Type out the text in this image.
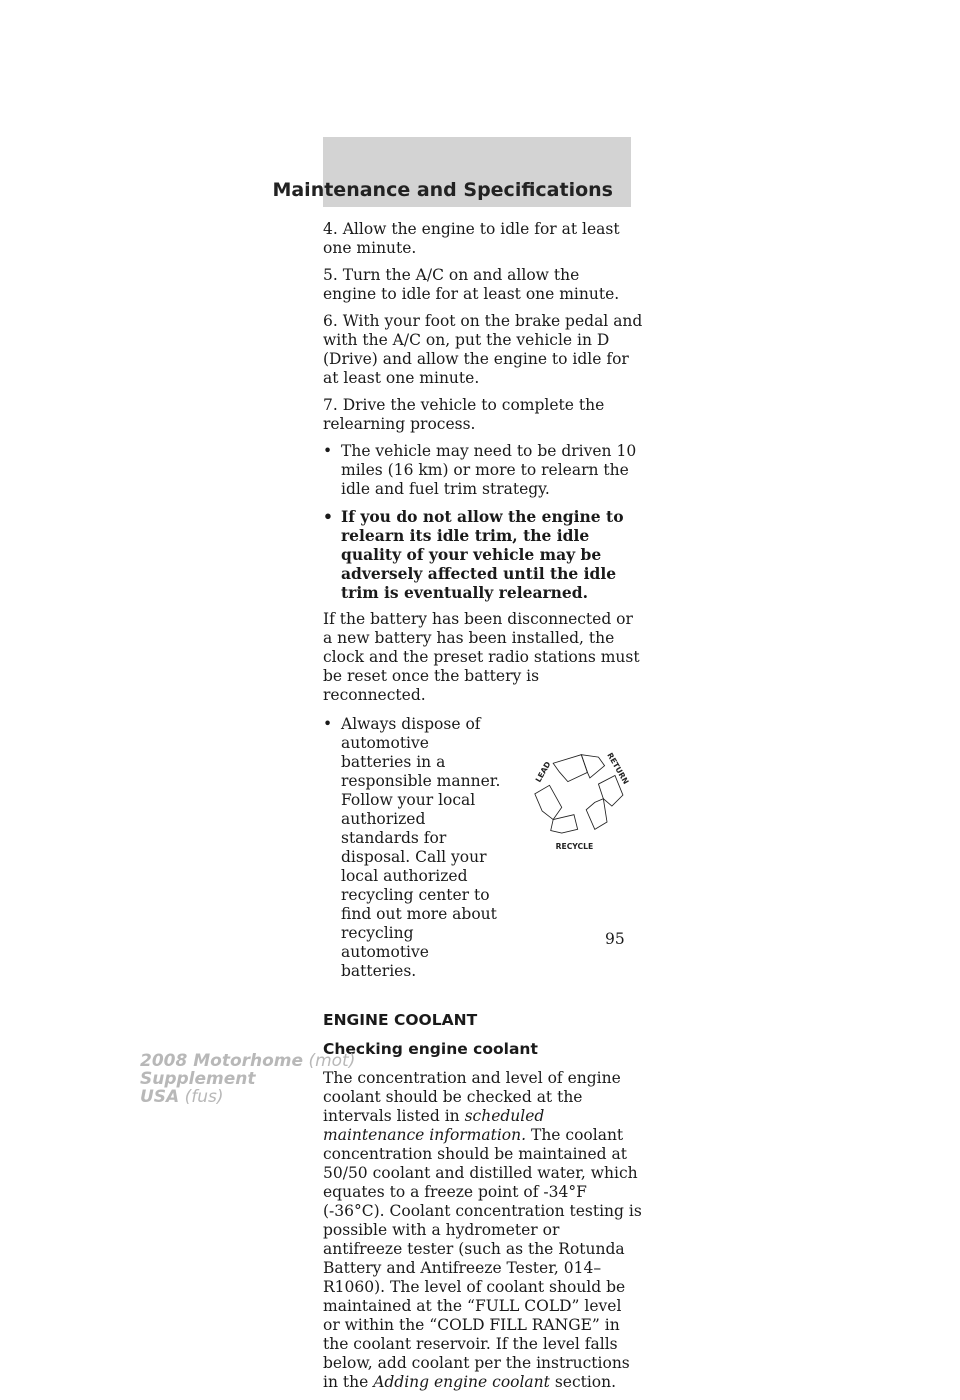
Maintenance and Specifications

4. Allow the engine to idle for at least one minute.

5. Turn the A/C on and allow the engine to idle for at least one minute.

6. With your foot on the brake pedal and with the A/C on, put the vehicle in D (Drive) and allow the engine to idle for at least one minute.

7. Drive the vehicle to complete the relearning process.

• The vehicle may need to be driven 10 miles (16 km) or more to relearn the idle and fuel trim strategy.
• If you do not allow the engine to relearn its idle trim, the idle quality of your vehicle may be adversely affected until the idle trim is eventually relearned.

If the battery has been disconnected or a new battery has been installed, the clock and the preset radio stations must be reset once the battery is reconnected.

• Always dispose of automotive batteries in a responsible manner. Follow your local authorized standards for disposal. Call your local authorized recycling center to find out more about recycling automotive batteries.
LEAD	RETURN
RECYCLE
ENGINE COOLANT
Checking engine coolant

The concentration and level of engine coolant should be checked at the intervals listed in scheduled maintenance information. The coolant concentration should be maintained at 50/50 coolant and distilled water, which equates to a freeze point of -34°F (-36°C). Coolant concentration testing is possible with a hydrometer or antifreeze tester (such as the Rotunda Battery and Antifreeze Tester, 014–R1060). The level of coolant should be maintained at the “FULL COLD” level or within the “COLD FILL RANGE” in the coolant reservoir. If the level falls below, add coolant per the instructions in the Adding engine coolant section.

95
2008 Motorhome (mot)
Supplement
USA (fus)
